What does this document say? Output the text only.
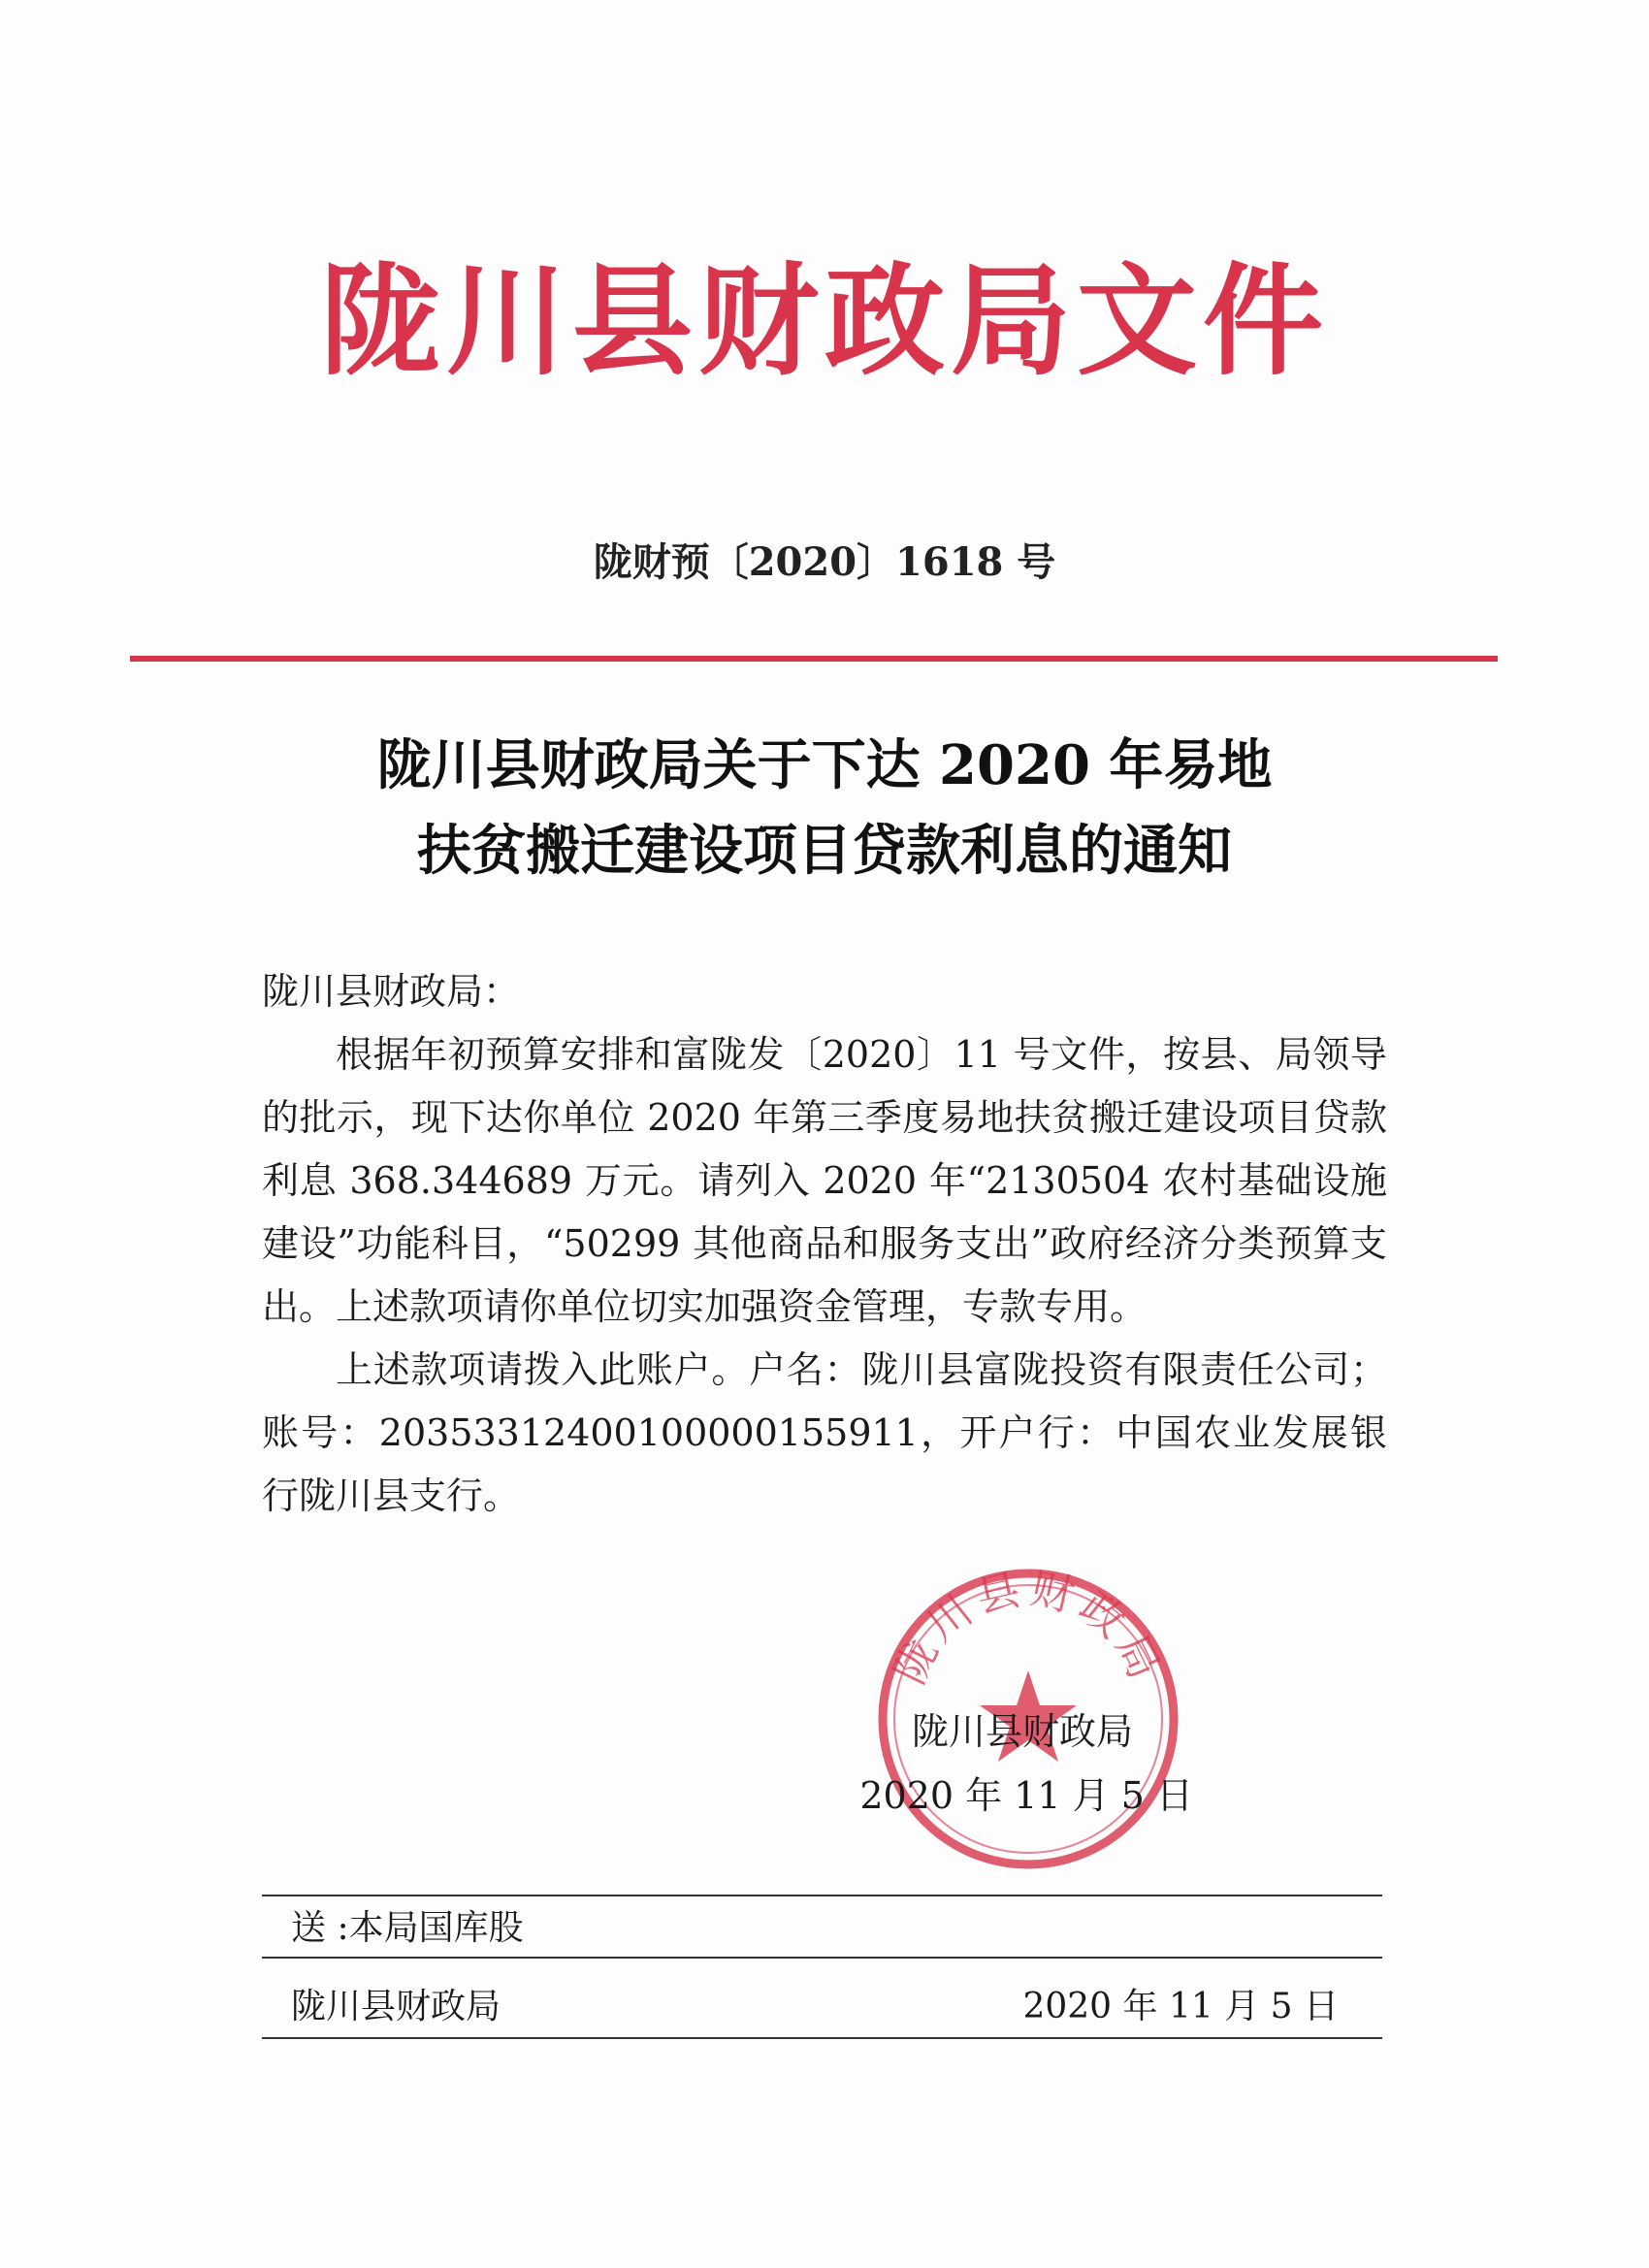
陇川县财政局文件
陇财预〔2020〕1618 号
陇川县财政局关于下达 2020 年易地
扶贫搬迁建设项目贷款利息的通知

陇川县财政局：

根据年初预算安排和富陇发〔2020〕11 号文件，按县、局领导的批示，现下达你单位 2020 年第三季度易地扶贫搬迁建设项目贷款利息 368.344689 万元。请列入 2020 年“2130504 农村基础设施建设”功能科目，“50299 其他商品和服务支出”政府经济分类预算支出。上述款项请你单位切实加强资金管理，专款专用。

上述款项请拨入此账户。户名：陇川县富陇投资有限责任公司；账号：20353312400100000155911，开户行：中国农业发展银行陇川县支行。

陇川县财政局
陇川县财政局
2020 年 11 月 5 日
送 :本局国库股
陇川县财政局	2020 年 11 月 5 日
